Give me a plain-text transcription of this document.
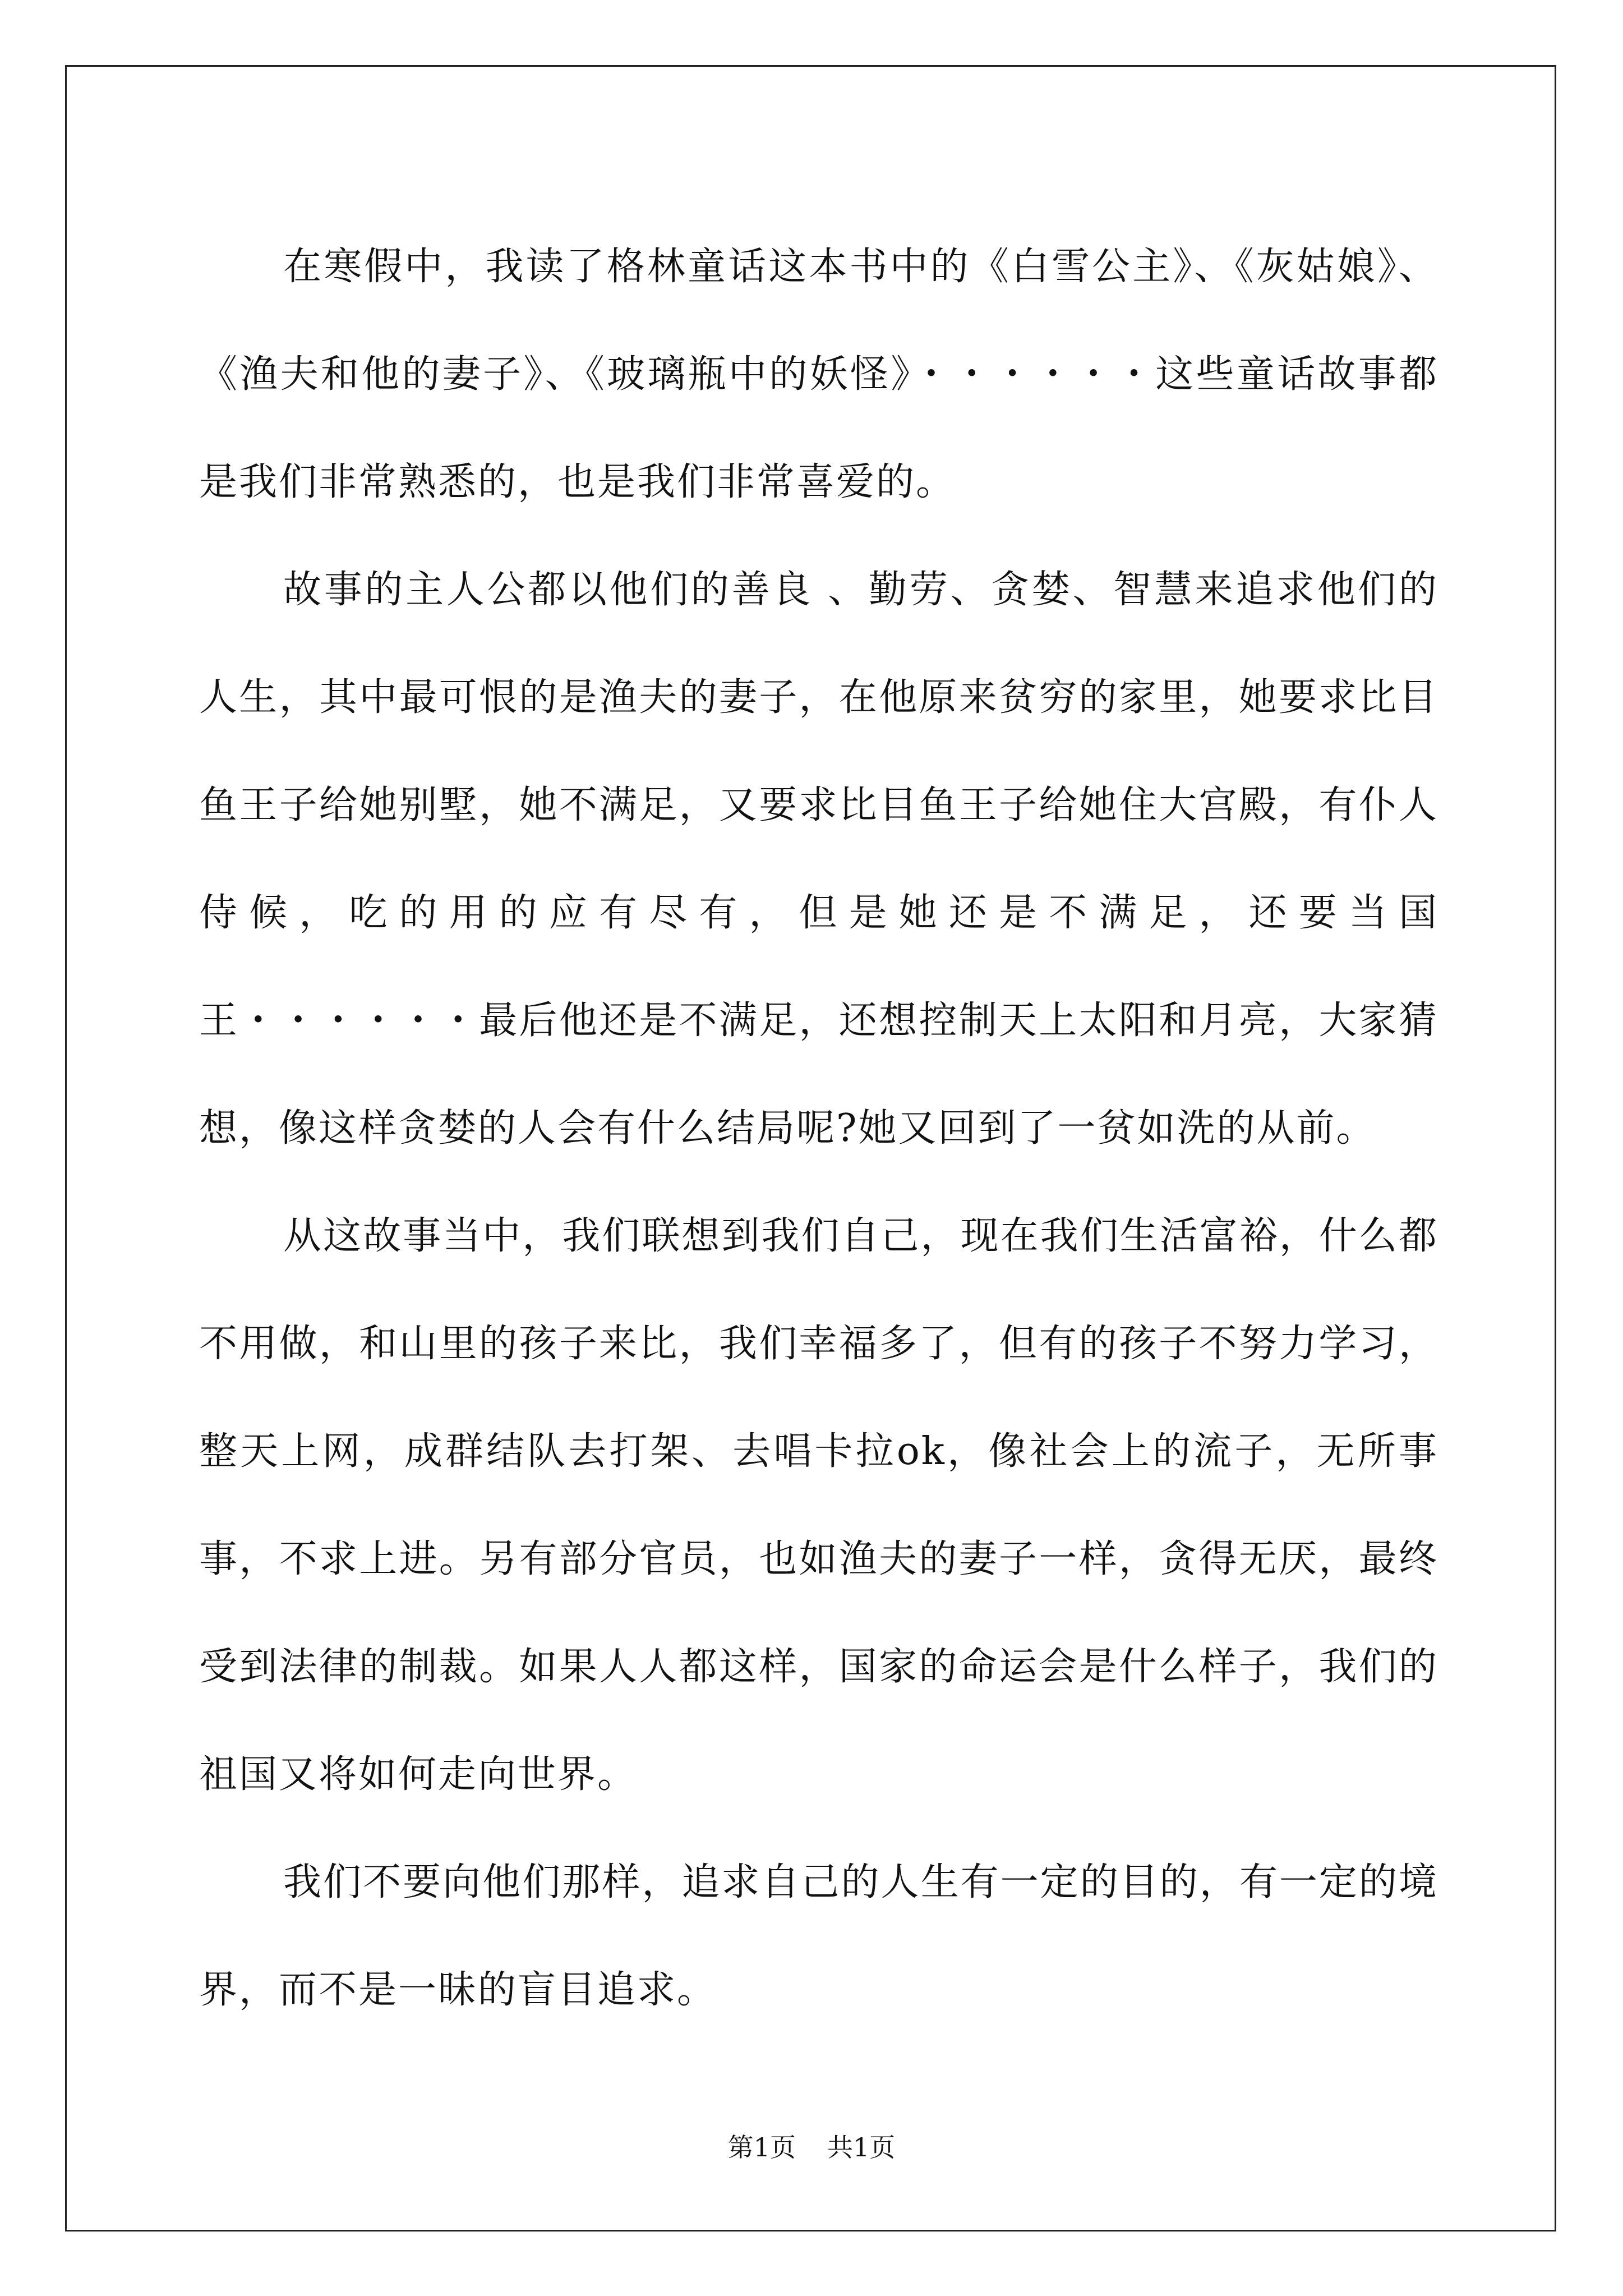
在寒假中，我读了格林童话这本书中的《白雪公主》、《灰姑娘》、《渔夫和他的妻子》、《玻璃瓶中的妖怪》・・・・・・这些童话故事都是我们非常熟悉的，也是我们非常喜爱的。

故事的主人公都以他们的善良 、勤劳、贪婪、智慧来追求他们的人生，其中最可恨的是渔夫的妻子，在他原来贫穷的家里，她要求比目鱼王子给她别墅，她不满足，又要求比目鱼王子给她住大宫殿，有仆人侍候，吃的用的应有尽有，但是她还是不满足，还要当国王・・・・・・最后他还是不满足，还想控制天上太阳和月亮，大家猜想，像这样贪婪的人会有什么结局呢?她又回到了一贫如洗的从前。

从这故事当中，我们联想到我们自己，现在我们生活富裕，什么都不用做，和山里的孩子来比，我们幸福多了，但有的孩子不努力学习，整天上网，成群结队去打架、去唱卡拉ok，像社会上的流子，无所事事，不求上进。另有部分官员，也如渔夫的妻子一样，贪得无厌，最终受到法律的制裁。如果人人都这样，国家的命运会是什么样子，我们的祖国又将如何走向世界。

我们不要向他们那样，追求自己的人生有一定的目的，有一定的境界，而不是一昧的盲目追求。

第1页 共1页
